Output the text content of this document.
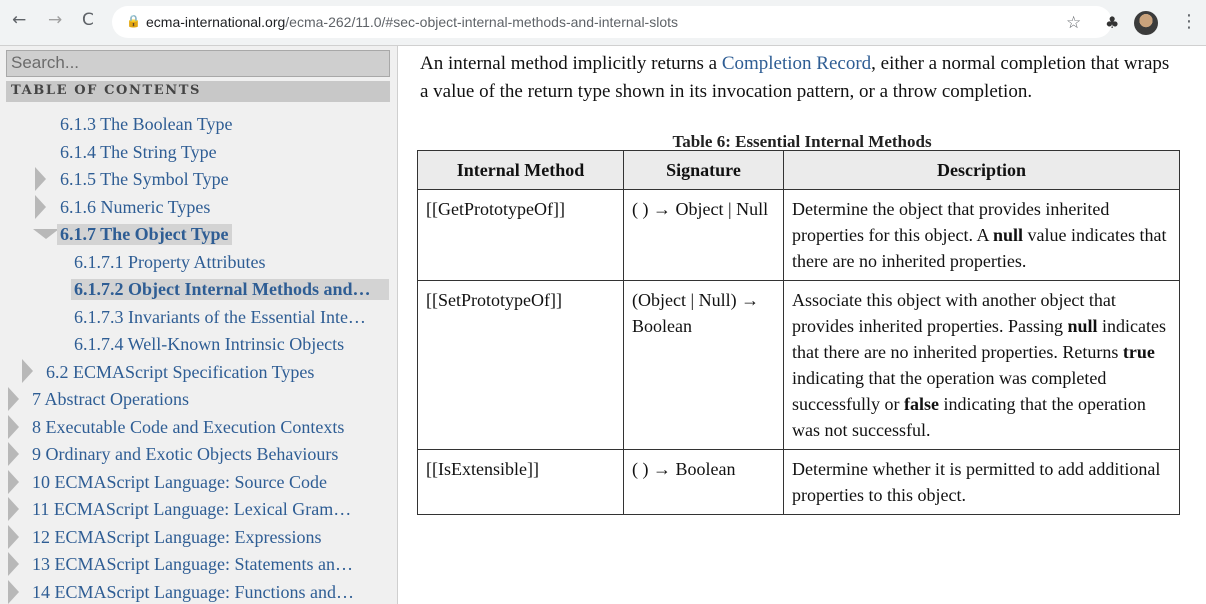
← → C	🔒 ecma-international.org/ecma-262/11.0/#sec-object-internal-methods-and-internal-slots	☆ ♣	⋮
Search...
TABLE OF CONTENTS
6.1.3 The Boolean Type
6.1.4 The String Type
6.1.5 The Symbol Type
6.1.6 Numeric Types
6.1.7 The Object Type
6.1.7.1 Property Attributes
6.1.7.2 Object Internal Methods and…
6.1.7.3 Invariants of the Essential Inte…
6.1.7.4 Well-Known Intrinsic Objects
6.2 ECMAScript Specification Types
7 Abstract Operations
8 Executable Code and Execution Contexts
9 Ordinary and Exotic Objects Behaviours
10 ECMAScript Language: Source Code
11 ECMAScript Language: Lexical Gram…
12 ECMAScript Language: Expressions
13 ECMAScript Language: Statements an…
14 ECMAScript Language: Functions and…
An internal method implicitly returns a Completion Record, either a normal completion that wraps a value of the return type shown in its invocation pattern, or a throw completion.
Table 6: Essential Internal Methods
Internal Method	Signature	Description
[[GetPrototypeOf]]	( ) → Object | Null	Determine the object that provides inherited properties for this object. A null value indicates that there are no inherited properties.
[[SetPrototypeOf]]	(Object | Null) → Boolean	Associate this object with another object that provides inherited properties. Passing null indicates that there are no inherited properties. Returns true indicating that the operation was completed successfully or false indicating that the operation was not successful.
[[IsExtensible]]	( ) → Boolean	Determine whether it is permitted to add additional properties to this object.
